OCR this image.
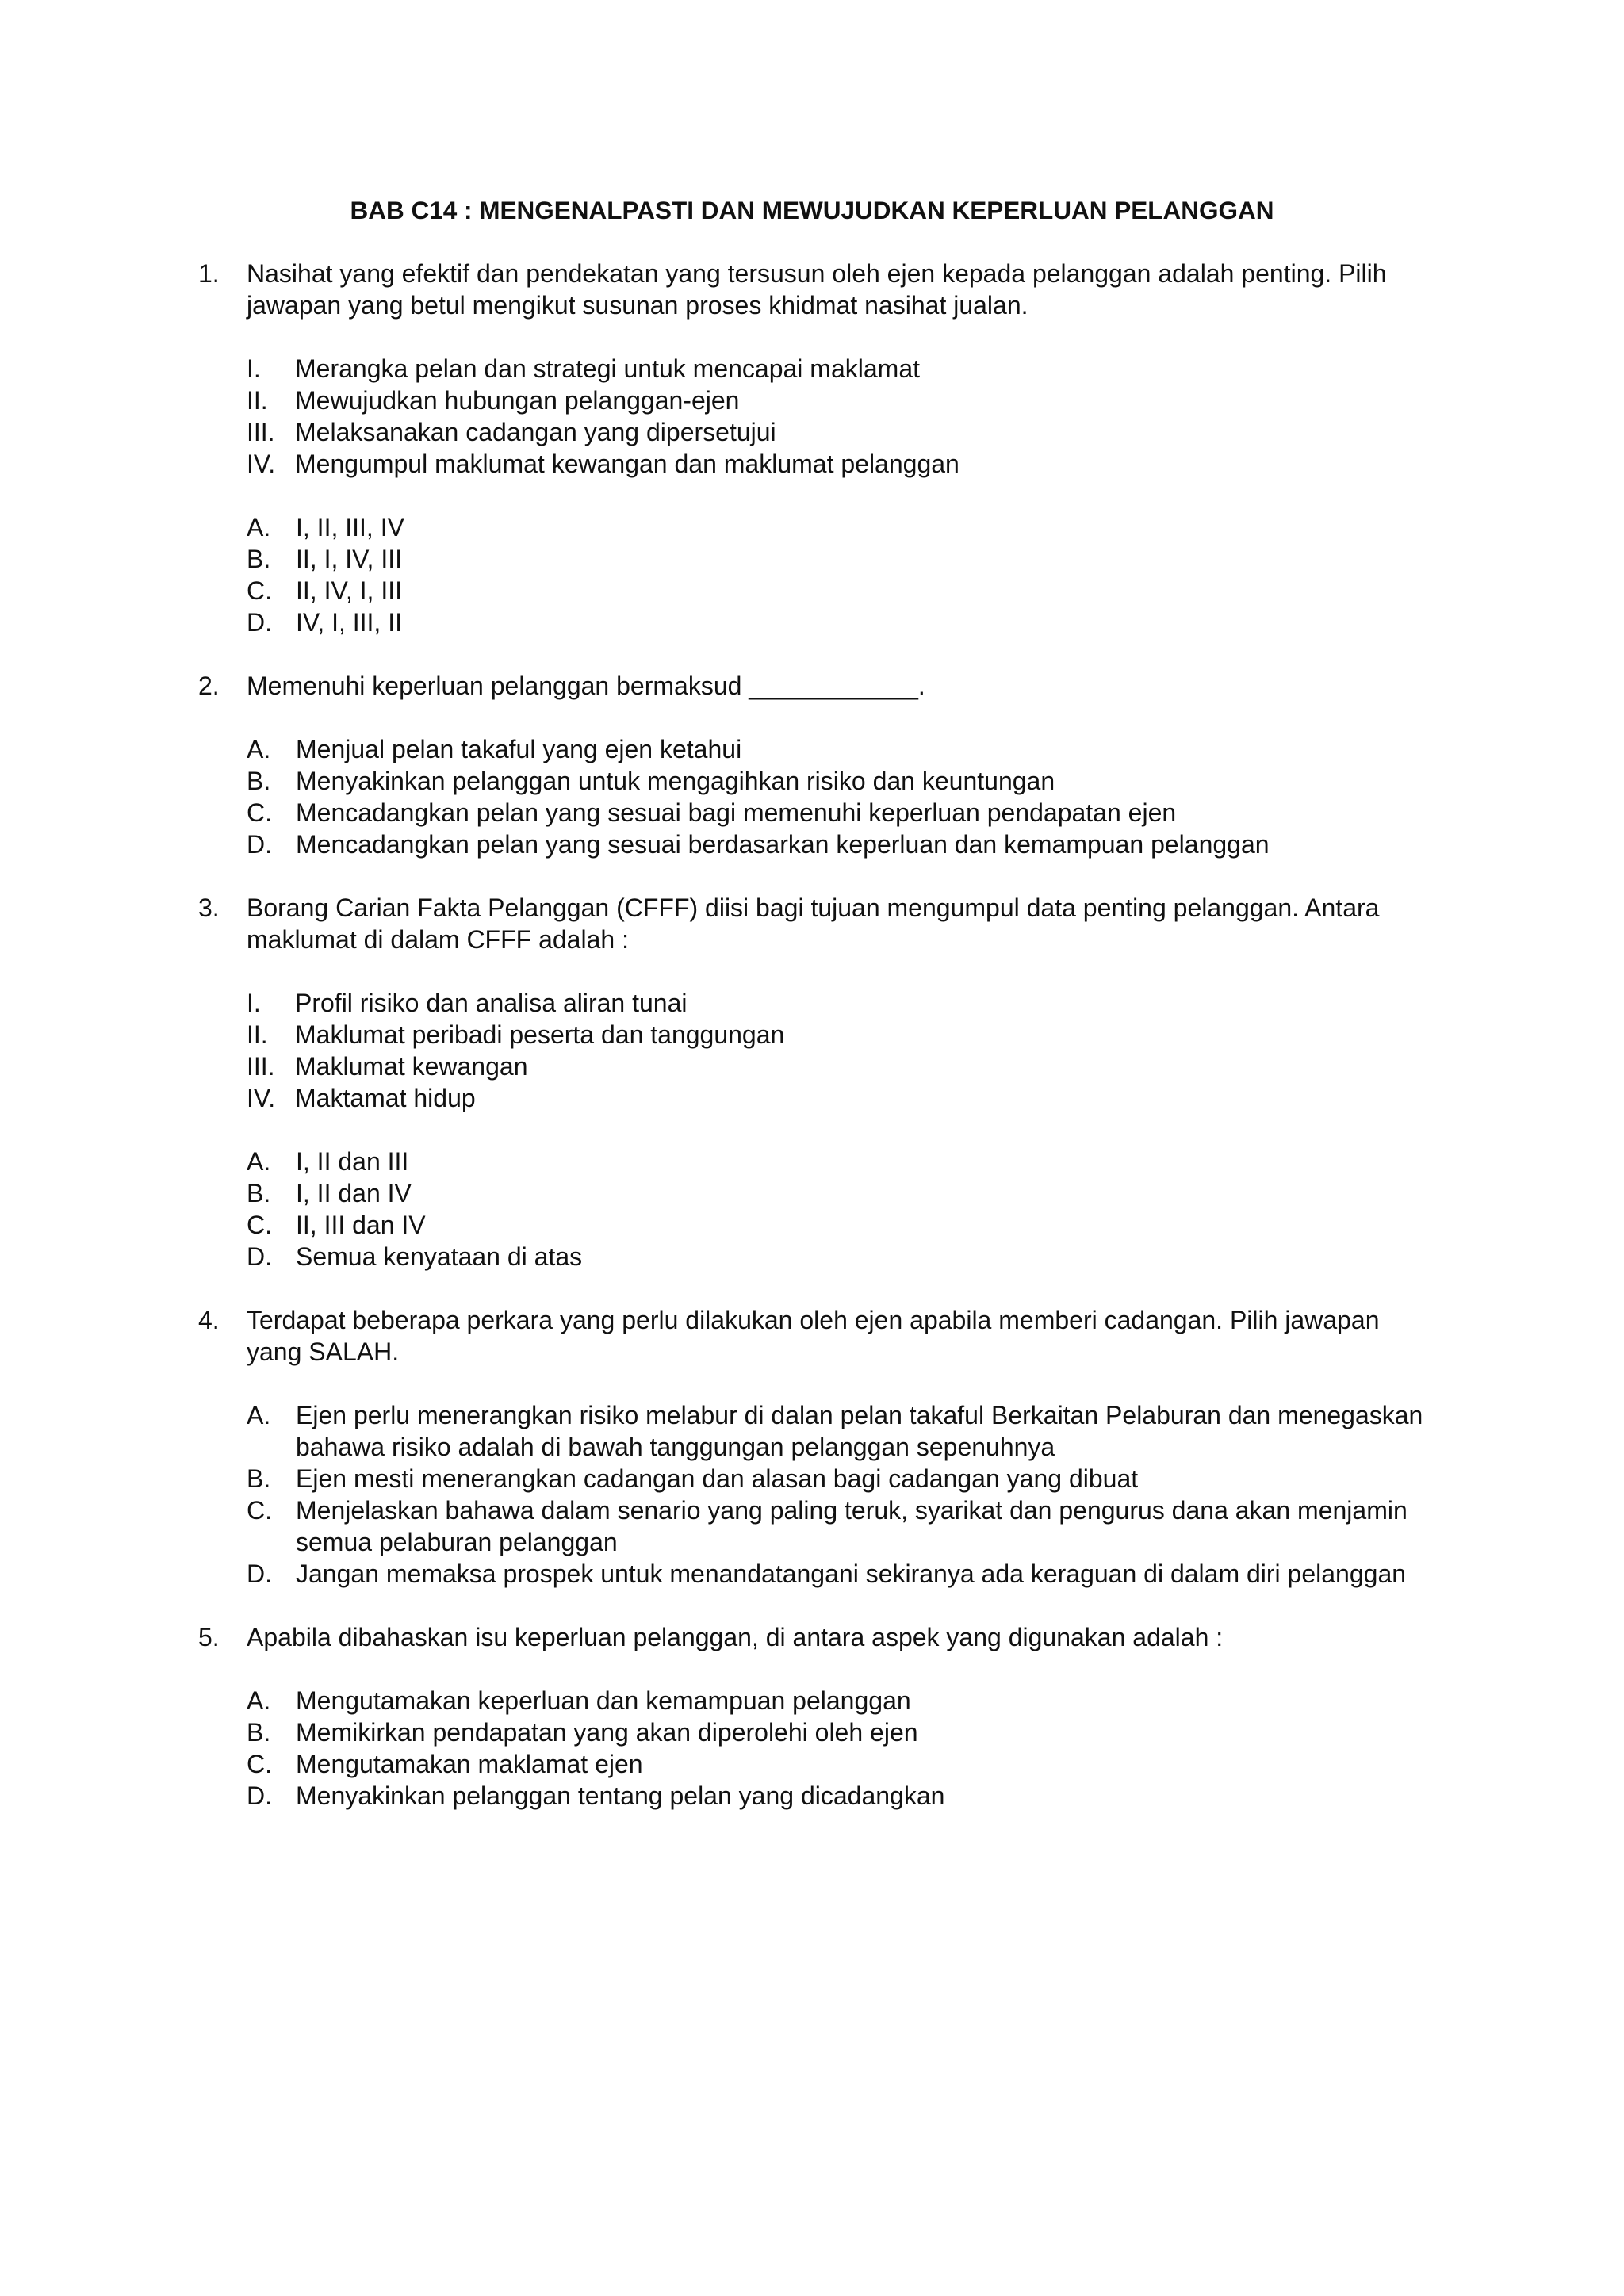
BAB C14 : MENGENALPASTI DAN MEWUJUDKAN KEPERLUAN PELANGGAN
1.	Nasihat yang efektif dan pendekatan yang tersusun oleh ejen kepada pelanggan adalah penting. Pilih jawapan yang betul mengikut susunan proses khidmat nasihat jualan.

I.	Merangka pelan dan strategi untuk mencapai maklamat
II.	Mewujudkan hubungan pelanggan-ejen
III. Melaksanakan cadangan yang dipersetujui
IV. Mengumpul maklumat kewangan dan maklumat pelanggan
A. I, II, III, IV
B. II, I, IV, III
C. II, IV, I, III
D. IV, I, III, II
2.	Memenuhi keperluan pelanggan bermaksud ____________.

A. Menjual pelan takaful yang ejen ketahui
B. Menyakinkan pelanggan untuk mengagihkan risiko dan keuntungan
C. Mencadangkan pelan yang sesuai bagi memenuhi keperluan pendapatan ejen
D. Mencadangkan pelan yang sesuai berdasarkan keperluan dan kemampuan pelanggan
3.	Borang Carian Fakta Pelanggan (CFFF) diisi bagi tujuan mengumpul data penting pelanggan. Antara maklumat di dalam CFFF adalah :

I.	Profil risiko dan analisa aliran tunai
II.	Maklumat peribadi peserta dan tanggungan
III. Maklumat kewangan
IV. Maktamat hidup
A. I, II dan III
B. I, II dan IV
C. II, III dan IV
D. Semua kenyataan di atas
4.	Terdapat beberapa perkara yang perlu dilakukan oleh ejen apabila memberi cadangan. Pilih jawapan yang SALAH.

A. Ejen perlu menerangkan risiko melabur di dalan pelan takaful Berkaitan Pelaburan dan menegaskan bahawa risiko adalah di bawah tanggungan pelanggan sepenuhnya
B. Ejen mesti menerangkan cadangan dan alasan bagi cadangan yang dibuat
C. Menjelaskan bahawa dalam senario yang paling teruk, syarikat dan pengurus dana akan menjamin semua pelaburan pelanggan
D. Jangan memaksa prospek untuk menandatangani sekiranya ada keraguan di dalam diri pelanggan
5.	Apabila dibahaskan isu keperluan pelanggan, di antara aspek yang digunakan adalah :

A. Mengutamakan keperluan dan kemampuan pelanggan
B. Memikirkan pendapatan yang akan diperolehi oleh ejen
C. Mengutamakan maklamat ejen
D. Menyakinkan pelanggan tentang pelan yang dicadangkan
